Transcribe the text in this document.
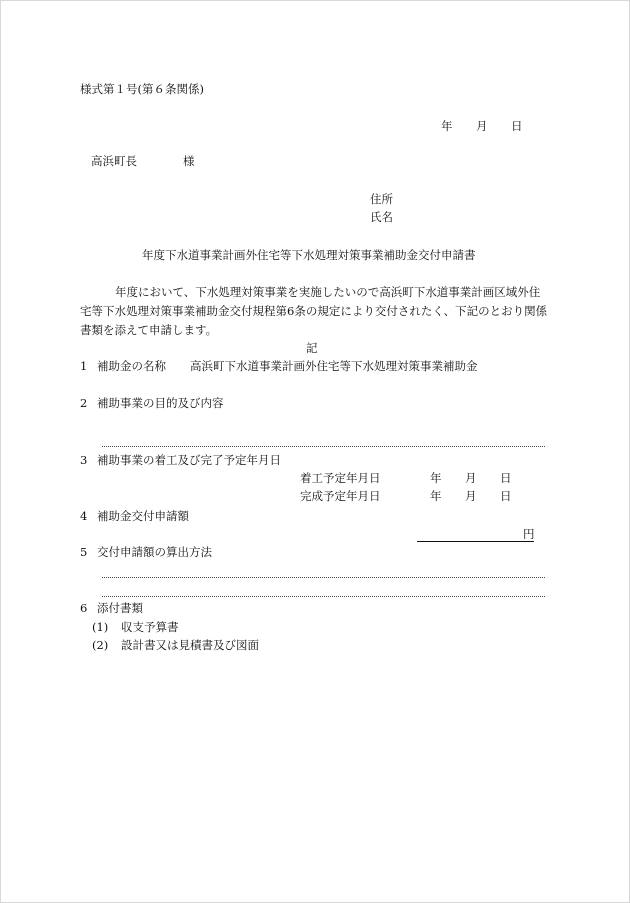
様式第１号(第６条関係)
年 月 日
高浜町長	様
住所
氏名
年度下水道事業計画外住宅等下水処理対策事業補助金交付申請書
年度において、下水処理対策事業を実施したいので高浜町下水道事業計画区域外住
宅等下水処理対策事業補助金交付規程第6条の規定により交付されたく、下記のとおり関係
書類を添えて申請します。
記
1 補助金の名称 高浜町下水道事業計画外住宅等下水処理対策事業補助金
2 補助事業の目的及び内容
3 補助事業の着工及び完了予定年月日
着工予定年月日	年 月 日
完成予定年月日	年 月 日
4 補助金交付申請額
円
5 交付申請額の算出方法
6 添付書類
(1) 収支予算書
(2) 設計書又は見積書及び図面
